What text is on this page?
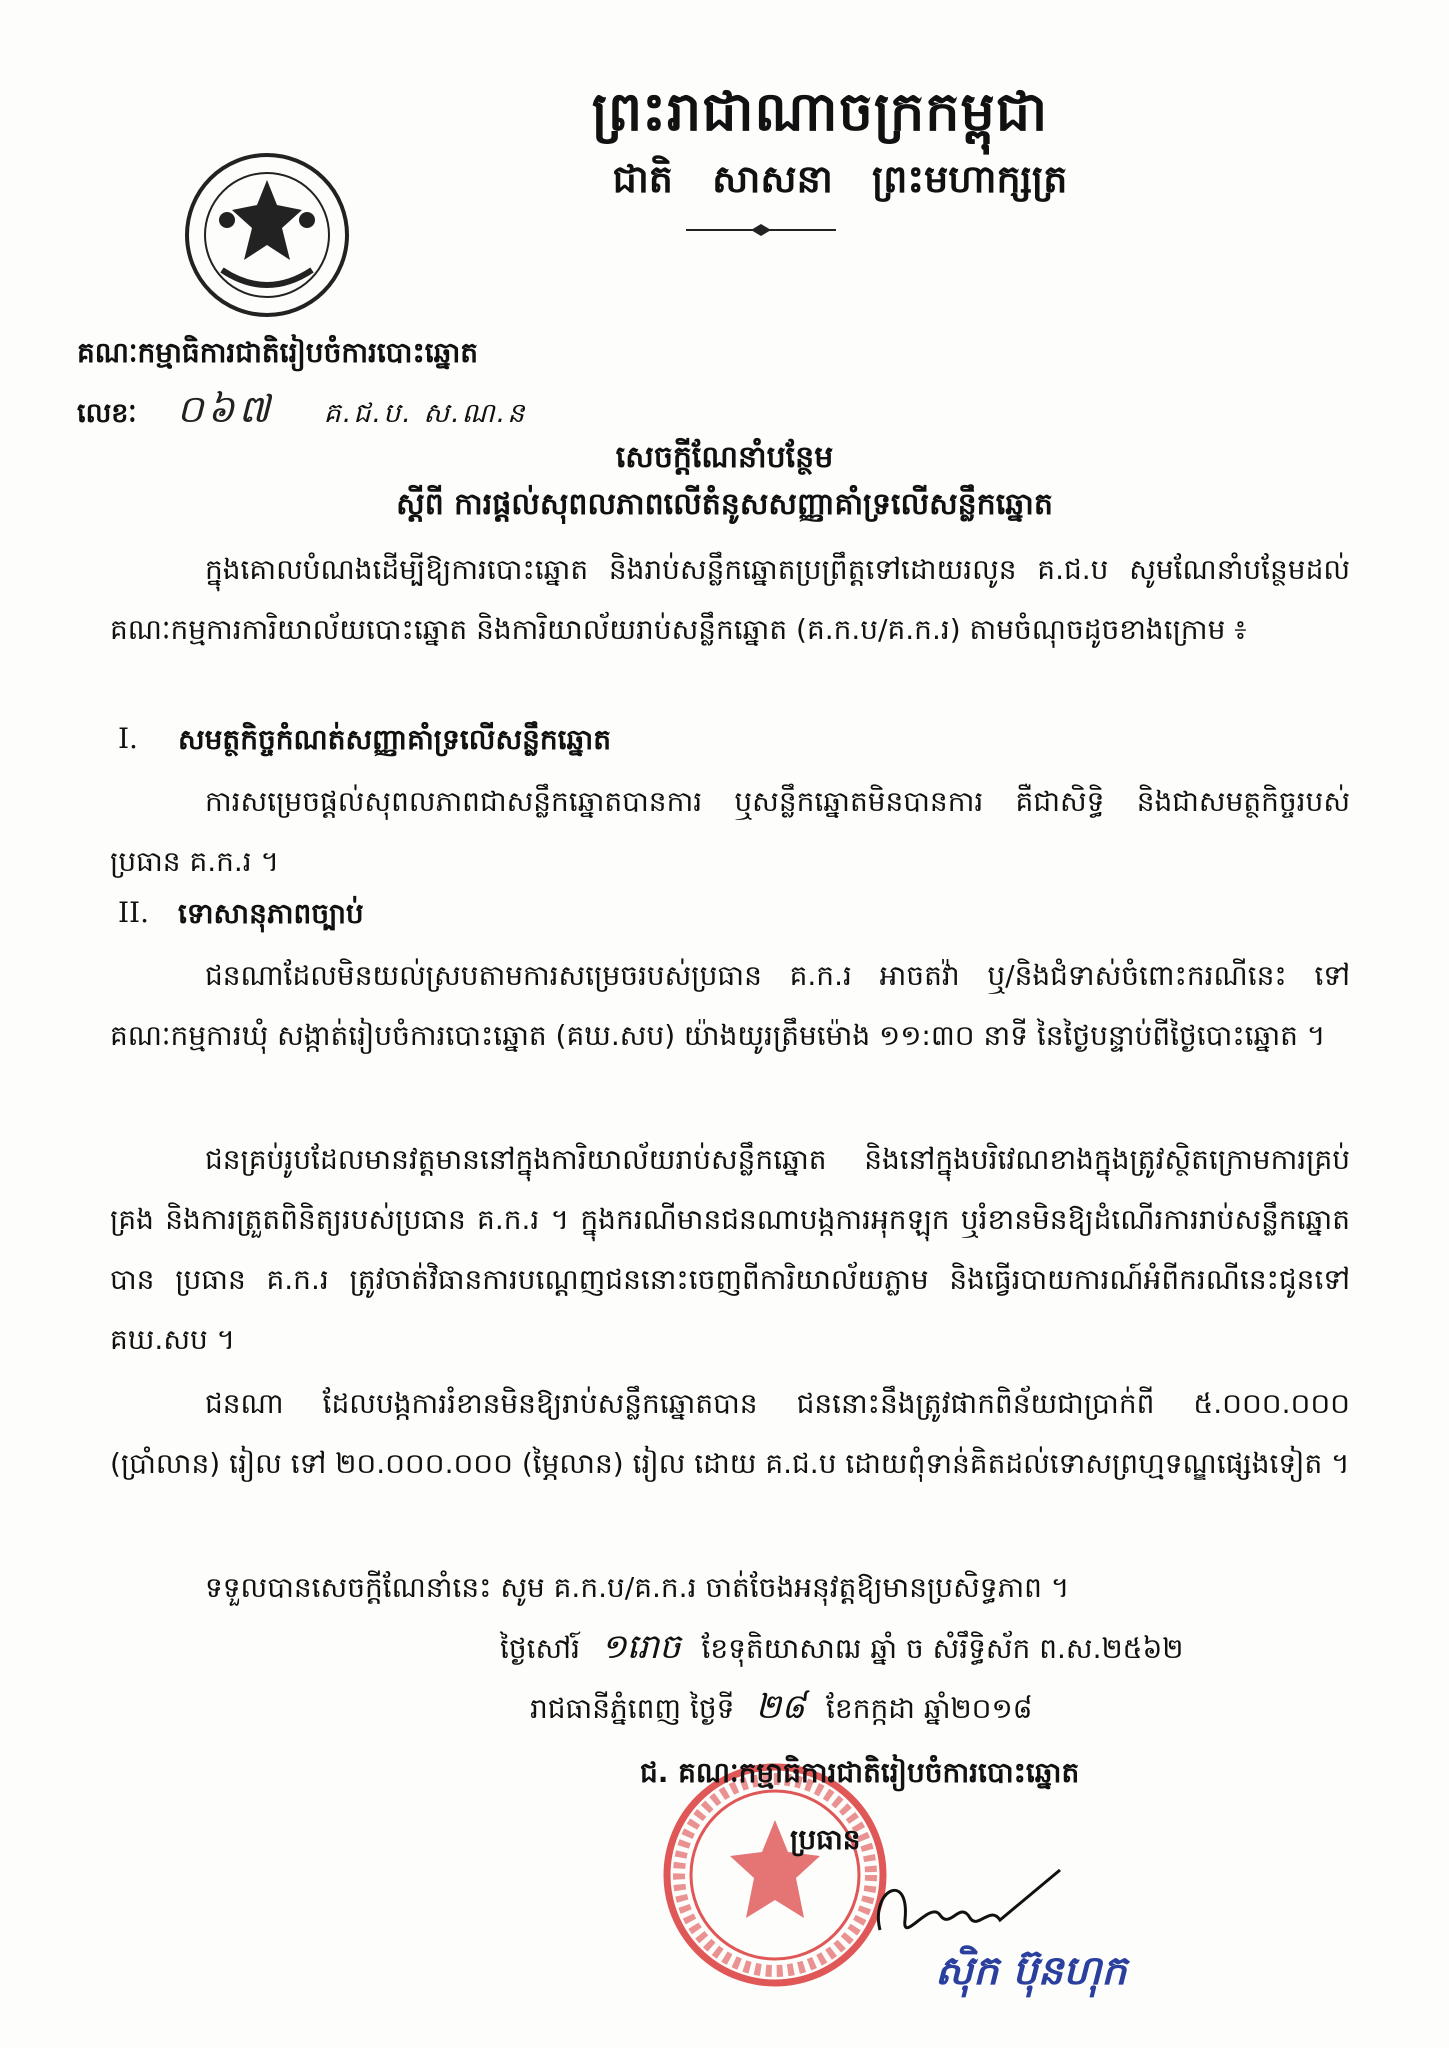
ព្រះរាជាណាចក្រកម្ពុជា
ជាតិ សាសនា ព្រះមហាក្សត្រ
គណៈកម្មាធិការជាតិរៀបចំការបោះឆ្នោត
លេខៈ ០៦៧ គ.ជ.ប. ស.ណ.ន
សេចក្តីណែនាំបន្ថែម
ស្តីពី ការផ្តល់សុពលភាពលើតំនូសសញ្ញាគាំទ្រលើសន្លឹកឆ្នោត
ក្នុងគោលបំណងដើម្បីឱ្យការបោះឆ្នោត និងរាប់សន្លឹកឆ្នោតប្រព្រឹត្តទៅដោយរលូន គ.ជ.ប សូមណែនាំបន្ថែមដល់គណៈកម្មការការិយាល័យបោះឆ្នោត និងការិយាល័យរាប់សន្លឹកឆ្នោត (គ.ក.ប/គ.ក.រ) តាមចំណុចដូចខាងក្រោម ៖
I.	សមត្ថកិច្ចកំណត់សញ្ញាគាំទ្រលើសន្លឹកឆ្នោត
ការសម្រេចផ្តល់សុពលភាពជាសន្លឹកឆ្នោតបានការ ឬសន្លឹកឆ្នោតមិនបានការ គឺជាសិទ្ធិ និងជាសមត្ថកិច្ចរបស់ប្រធាន គ.ក.រ ។
II.	ទោសានុភាពច្បាប់
ជនណាដែលមិនយល់ស្របតាមការសម្រេចរបស់ប្រធាន គ.ក.រ អាចតវ៉ា ឬ/និងជំទាស់ចំពោះករណីនេះ ទៅគណៈកម្មការឃុំ សង្កាត់រៀបចំការបោះឆ្នោត (គឃ.សប) យ៉ាងយូរត្រឹមម៉ោង ១១:៣០ នាទី នៃថ្ងៃបន្ទាប់ពីថ្ងៃបោះឆ្នោត ។
ជនគ្រប់រូបដែលមានវត្តមាននៅក្នុងការិយាល័យរាប់សន្លឹកឆ្នោត និងនៅក្នុងបរិវេណខាងក្នុងត្រូវស្ថិតក្រោមការគ្រប់គ្រង និងការត្រួតពិនិត្យរបស់ប្រធាន គ.ក.រ ។ ក្នុងករណីមានជនណាបង្កការអុកឡុក ឬរំខានមិនឱ្យដំណើរការរាប់សន្លឹកឆ្នោតបាន ប្រធាន គ.ក.រ ត្រូវចាត់វិធានការបណ្តេញជននោះចេញពីការិយាល័យភ្លាម និងធ្វើរបាយការណ៍អំពីករណីនេះជូនទៅ គឃ.សប ។
ជនណា ដែលបង្កការរំខានមិនឱ្យរាប់សន្លឹកឆ្នោតបាន ជននោះនឹងត្រូវផាកពិន័យជាប្រាក់ពី ៥.០០០.០០០ (ប្រាំលាន) រៀល ទៅ ២០.០០០.០០០ (ម្ភៃលាន) រៀល ដោយ គ.ជ.ប ដោយពុំទាន់គិតដល់ទោសព្រហ្មទណ្ឌផ្សេងទៀត ។
ទទួលបានសេចក្តីណែនាំនេះ សូម គ.ក.ប/គ.ក.រ ចាត់ចែងអនុវត្តឱ្យមានប្រសិទ្ធភាព ។
ថ្ងៃសៅរ៍ ១រោច ខែទុតិយាសាឍ ឆ្នាំ ច សំរឹទ្ធិស័ក ព.ស.២៥៦២
រាជធានីភ្នំពេញ ថ្ងៃទី ២៨ ខែកក្កដា ឆ្នាំ២០១៨
ជ. គណៈកម្មាធិការជាតិរៀបចំការបោះឆ្នោត
ប្រធាន
ស៊ិក ប៊ុនហុក
